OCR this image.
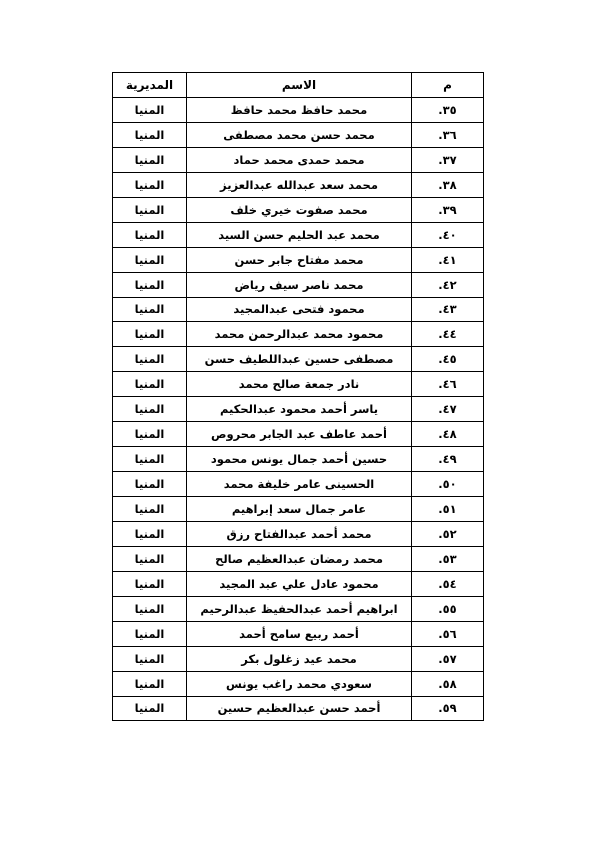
م	الاسم	المديرية
٣٥.	محمد حافظ محمد حافظ	المنيا
٣٦.	محمد حسن محمد مصطفى	المنيا
٣٧.	محمد حمدى محمد حماد	المنيا
٣٨.	محمد سعد عبدالله عبدالعزيز	المنيا
٣٩.	محمد صفوت خيري خلف	المنيا
٤٠.	محمد عبد الحليم حسن السيد	المنيا
٤١.	محمد مفتاح جابر حسن	المنيا
٤٢.	محمد ناصر سيف رياض	المنيا
٤٣.	محمود فتحى عبدالمجيد	المنيا
٤٤.	محمود محمد عبدالرحمن محمد	المنيا
٤٥.	مصطفى حسين عبداللطيف حسن	المنيا
٤٦.	نادر جمعة صالح محمد	المنيا
٤٧.	ياسر أحمد محمود عبدالحكيم	المنيا
٤٨.	أحمد عاطف عبد الجابر محروص	المنيا
٤٩.	حسين أحمد جمال يونس محمود	المنيا
٥٠.	الحسينى عامر خليفة محمد	المنيا
٥١.	عامر جمال سعد إبراهيم	المنيا
٥٢.	محمد أحمد عبدالفتاح رزق	المنيا
٥٣.	محمد رمضان عبدالعظيم صالح	المنيا
٥٤.	محمود عادل علي عبد المجيد	المنيا
٥٥.	ابراهيم أحمد عبدالحفيظ عبدالرحيم	المنيا
٥٦.	أحمد ربيع سامح أحمد	المنيا
٥٧.	محمد عيد زغلول بكر	المنيا
٥٨.	سعودي محمد راغب يونس	المنيا
٥٩.	أحمد حسن عبدالعظيم حسين	المنيا
